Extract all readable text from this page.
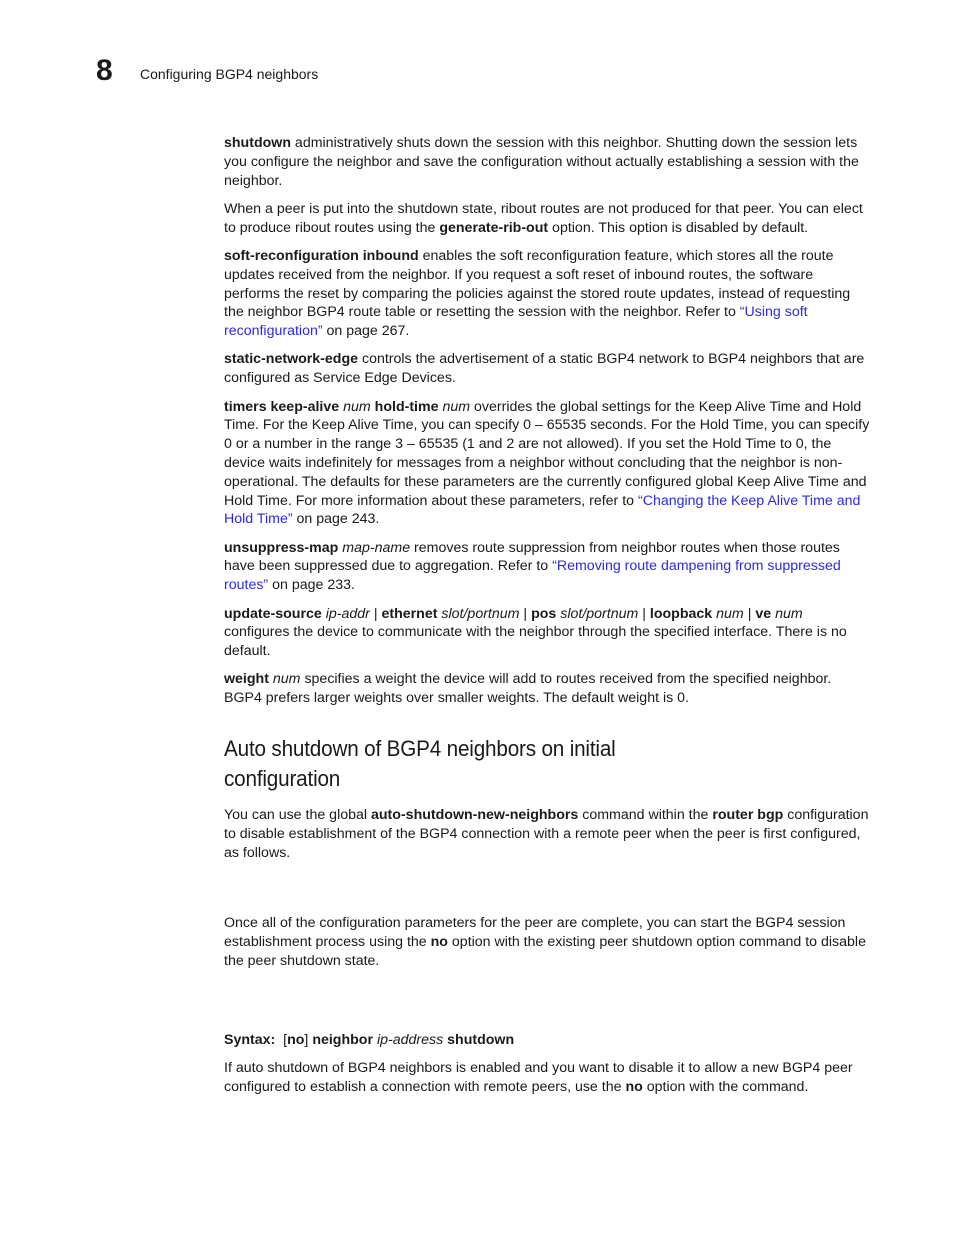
8 Configuring BGP4 neighbors

shutdown administratively shuts down the session with this neighbor. Shutting down the session lets you configure the neighbor and save the configuration without actually establishing a session with the neighbor.

When a peer is put into the shutdown state, ribout routes are not produced for that peer. You can elect to produce ribout routes using the generate-rib-out option. This option is disabled by default.

soft-reconfiguration inbound enables the soft reconfiguration feature, which stores all the route updates received from the neighbor. If you request a soft reset of inbound routes, the software performs the reset by comparing the policies against the stored route updates, instead of requesting the neighbor BGP4 route table or resetting the session with the neighbor. Refer to “Using soft reconfiguration” on page 267.

static-network-edge controls the advertisement of a static BGP4 network to BGP4 neighbors that are configured as Service Edge Devices.

timers keep-alive num hold-time num overrides the global settings for the Keep Alive Time and Hold Time. For the Keep Alive Time, you can specify 0 – 65535 seconds. For the Hold Time, you can specify 0 or a number in the range 3 – 65535 (1 and 2 are not allowed). If you set the Hold Time to 0, the device waits indefinitely for messages from a neighbor without concluding that the neighbor is non-operational. The defaults for these parameters are the currently configured global Keep Alive Time and Hold Time. For more information about these parameters, refer to “Changing the Keep Alive Time and Hold Time” on page 243.

unsuppress-map map-name removes route suppression from neighbor routes when those routes have been suppressed due to aggregation. Refer to “Removing route dampening from suppressed routes” on page 233.

update-source ip-addr | ethernet slot/portnum | pos slot/portnum | loopback num | ve num
configures the device to communicate with the neighbor through the specified interface. There is no default.

weight num specifies a weight the device will add to routes received from the specified neighbor. BGP4 prefers larger weights over smaller weights. The default weight is 0.

Auto shutdown of BGP4 neighbors on initial configuration

You can use the global auto-shutdown-new-neighbors command within the router bgp configuration to disable establishment of the BGP4 connection with a remote peer when the peer is first configured, as follows.

Once all of the configuration parameters for the peer are complete, you can start the BGP4 session establishment process using the no option with the existing peer shutdown option command to disable the peer shutdown state.

Syntax:  [no] neighbor ip-address shutdown

If auto shutdown of BGP4 neighbors is enabled and you want to disable it to allow a new BGP4 peer configured to establish a connection with remote peers, use the no option with the command.
